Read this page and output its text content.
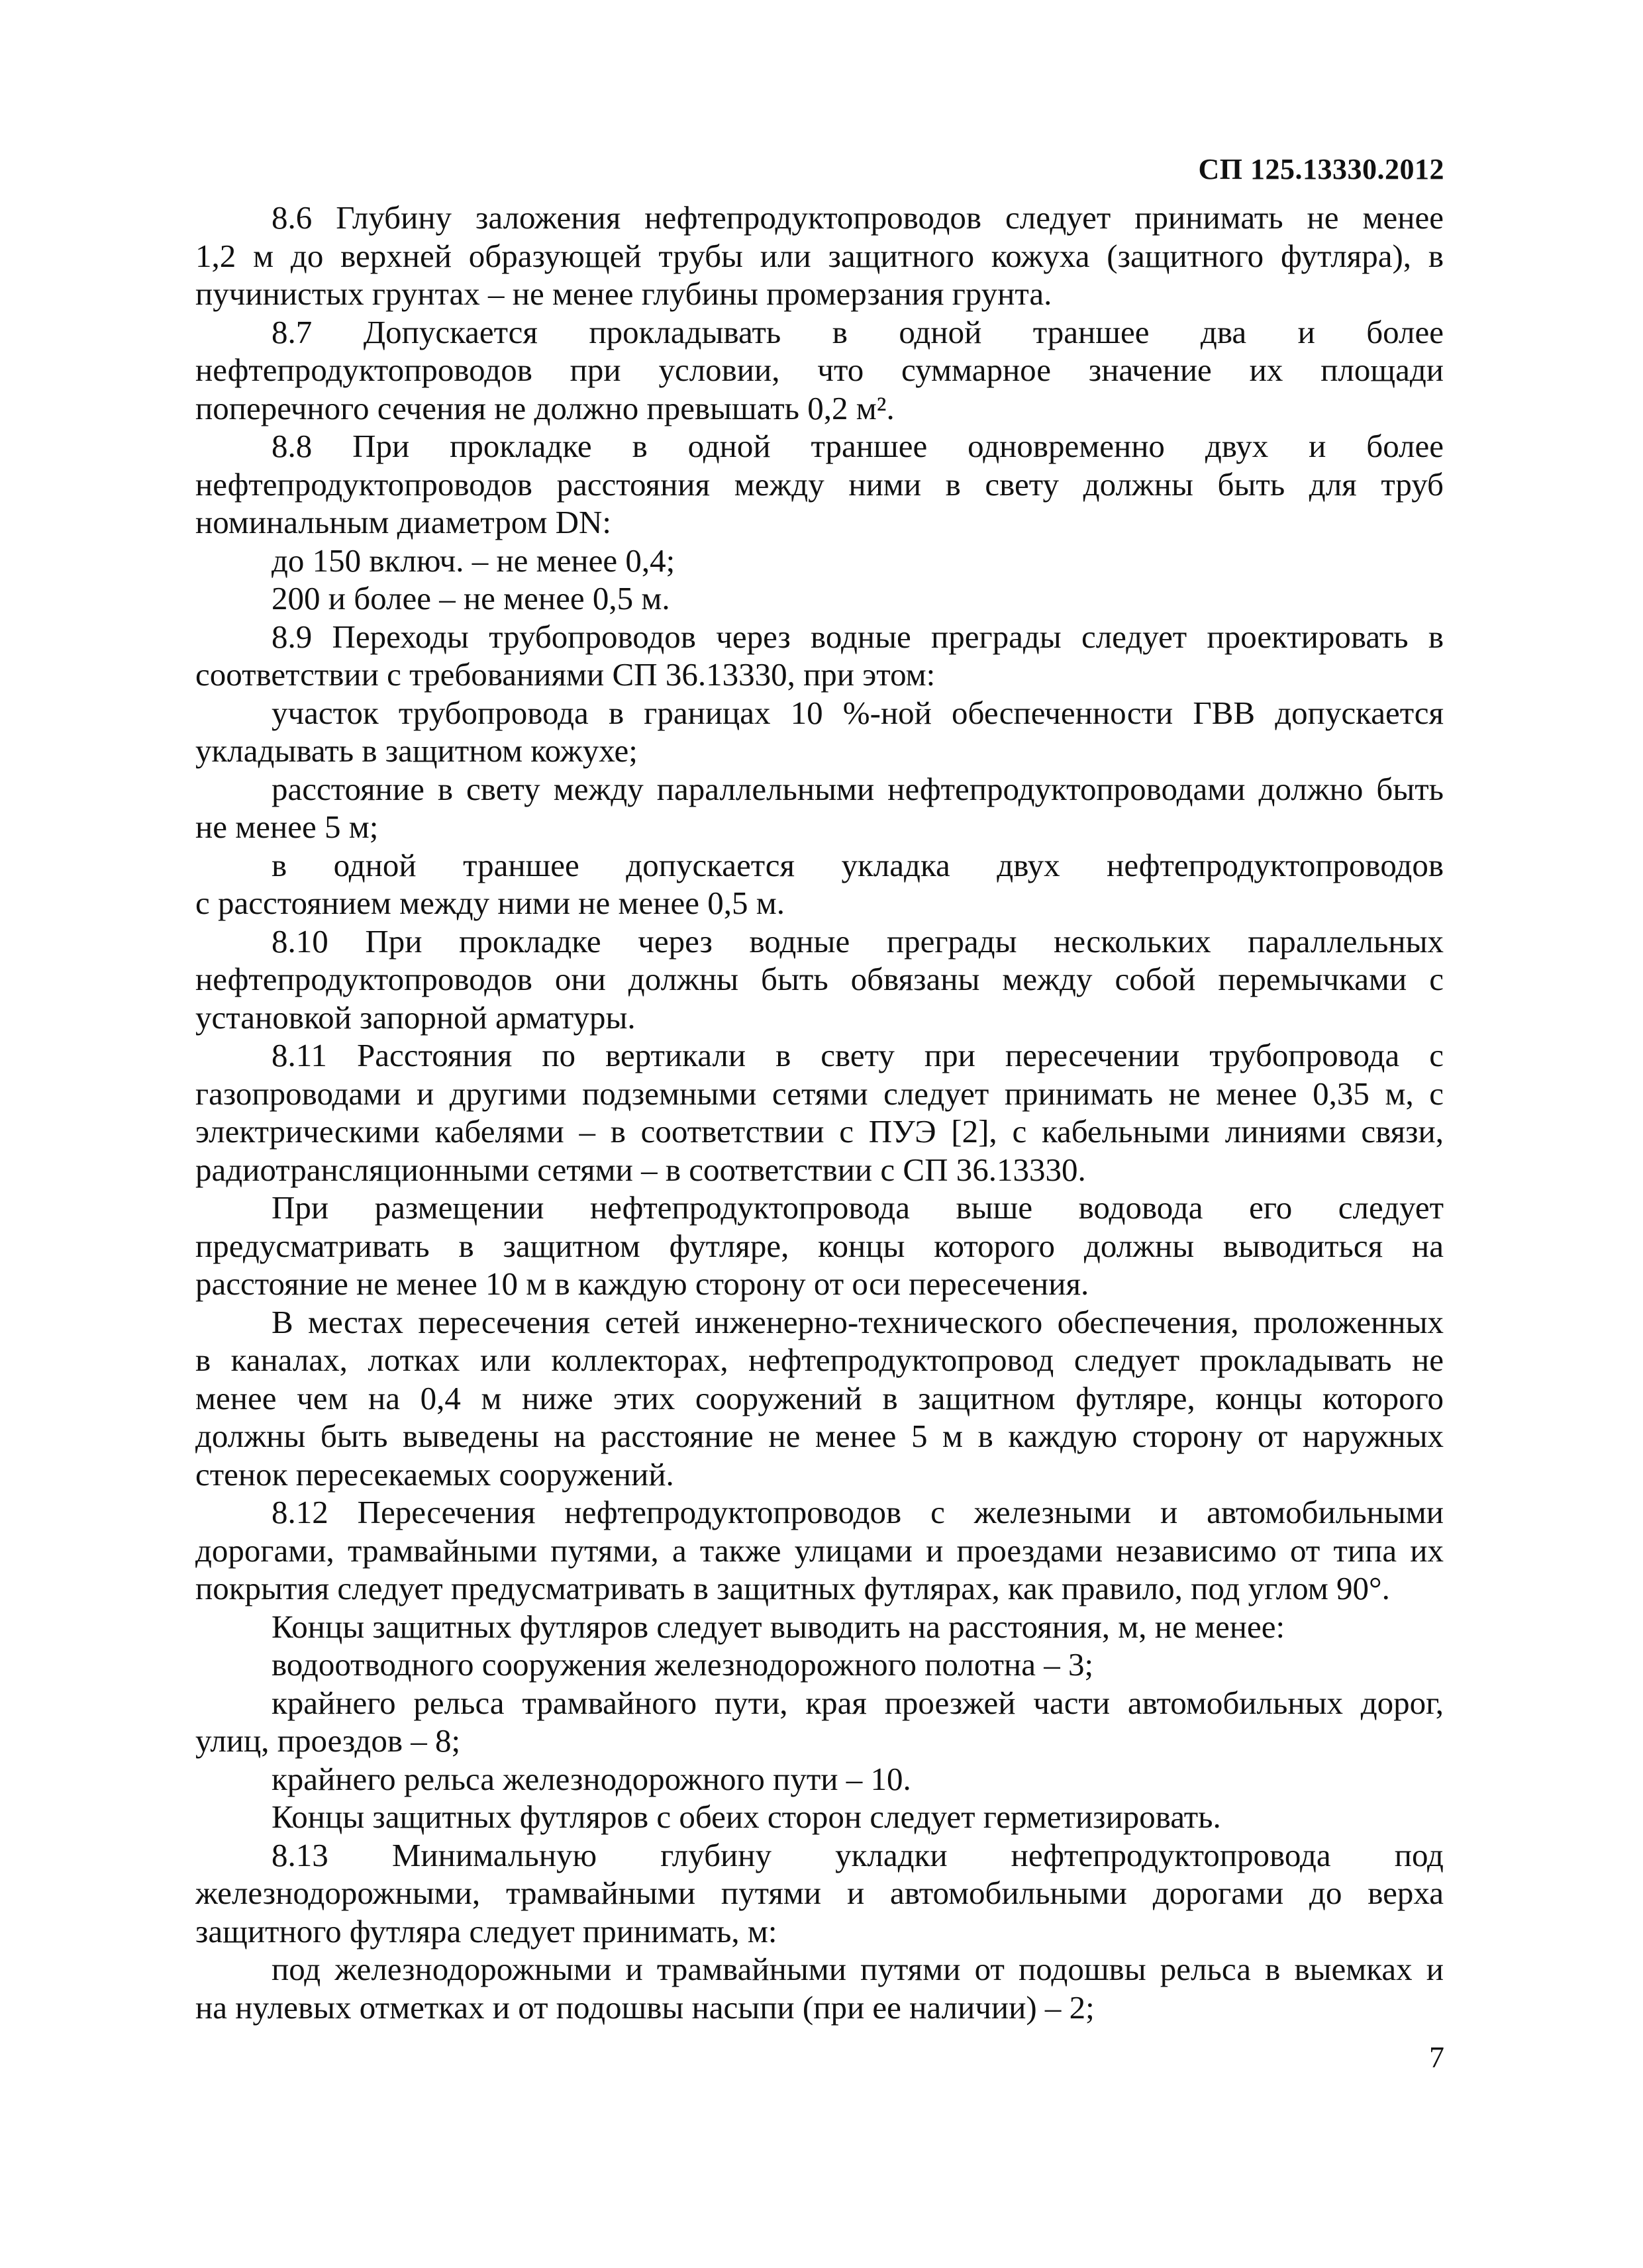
СП 125.13330.2012
8.6 Глубину заложения нефтепродуктопроводов следует принимать не менее
1,2 м до верхней образующей трубы или защитного кожуха (защитного футляра), в
пучинистых грунтах – не менее глубины промерзания грунта.
8.7 Допускается прокладывать в одной траншее два и более
нефтепродуктопроводов при условии, что суммарное значение их площади
поперечного сечения не должно превышать 0,2 м².
8.8 При прокладке в одной траншее одновременно двух и более
нефтепродуктопроводов расстояния между ними в свету должны быть для труб
номинальным диаметром DN:
до 150 включ. – не менее 0,4;
200 и более – не менее 0,5 м.
8.9 Переходы трубопроводов через водные преграды следует проектировать в
соответствии с требованиями СП 36.13330, при этом:
участок трубопровода в границах 10 %-ной обеспеченности ГВВ допускается
укладывать в защитном кожухе;
расстояние в свету между параллельными нефтепродуктопроводами должно быть
не менее 5 м;
в одной траншее допускается укладка двух нефтепродуктопроводов
с расстоянием между ними не менее 0,5 м.
8.10 При прокладке через водные преграды нескольких параллельных
нефтепродуктопроводов они должны быть обвязаны между собой перемычками с
установкой запорной арматуры.
8.11 Расстояния по вертикали в свету при пересечении трубопровода с
газопроводами и другими подземными сетями следует принимать не менее 0,35 м, с
электрическими кабелями – в соответствии с ПУЭ [2], с кабельными линиями связи,
радиотрансляционными сетями – в соответствии с СП 36.13330.
При размещении нефтепродуктопровода выше водовода его следует
предусматривать в защитном футляре, концы которого должны выводиться на
расстояние не менее 10 м в каждую сторону от оси пересечения.
В местах пересечения сетей инженерно-технического обеспечения, проложенных
в каналах, лотках или коллекторах, нефтепродуктопровод следует прокладывать не
менее чем на 0,4 м ниже этих сооружений в защитном футляре, концы которого
должны быть выведены на расстояние не менее 5 м в каждую сторону от наружных
стенок пересекаемых сооружений.
8.12 Пересечения нефтепродуктопроводов с железными и автомобильными
дорогами, трамвайными путями, а также улицами и проездами независимо от типа их
покрытия следует предусматривать в защитных футлярах, как правило, под углом 90°.
Концы защитных футляров следует выводить на расстояния, м, не менее:
водоотводного сооружения железнодорожного полотна – 3;
крайнего рельса трамвайного пути, края проезжей части автомобильных дорог,
улиц, проездов – 8;
крайнего рельса железнодорожного пути – 10.
Концы защитных футляров с обеих сторон следует герметизировать.
8.13 Минимальную глубину укладки нефтепродуктопровода под
железнодорожными, трамвайными путями и автомобильными дорогами до верха
защитного футляра следует принимать, м:
под железнодорожными и трамвайными путями от подошвы рельса в выемках и
на нулевых отметках и от подошвы насыпи (при ее наличии) – 2;
7
